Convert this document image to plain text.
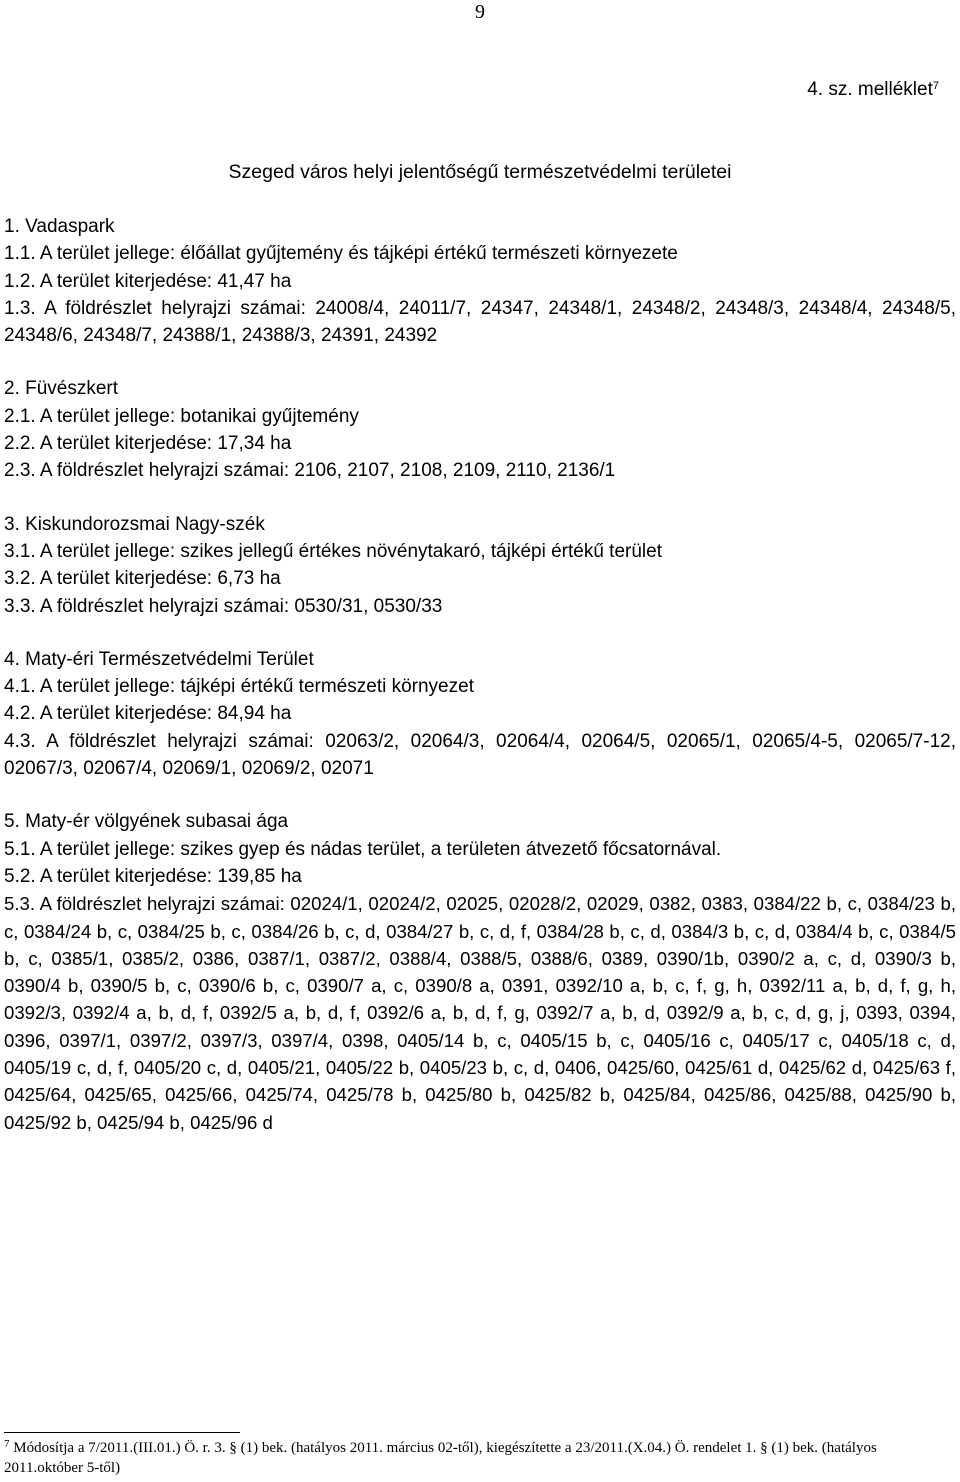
9
4. sz. melléklet$^7$
Szeged város helyi jelentőségű természetvédelmi területei
1. Vadaspark
1.1. A terület jellege: élőállat gyűjtemény és tájképi értékű természeti környezete
1.2. A terület kiterjedése: 41,47 ha
1.3. A földrészlet helyrajzi számai: 24008/4, 24011/7, 24347, 24348/1, 24348/2, 24348/3, 24348/4, 24348/5, 24348/6, 24348/7, 24388/1, 24388/3, 24391, 24392
2. Füvészkert
2.1. A terület jellege: botanikai gyűjtemény
2.2. A terület kiterjedése: 17,34 ha
2.3. A földrészlet helyrajzi számai: 2106, 2107, 2108, 2109, 2110, 2136/1
3. Kiskundorozsmai Nagy-szék
3.1. A terület jellege: szikes jellegű értékes növénytakaró, tájképi értékű terület
3.2. A terület kiterjedése: 6,73 ha
3.3. A földrészlet helyrajzi számai: 0530/31, 0530/33
4. Maty-éri Természetvédelmi Terület
4.1. A terület jellege: tájképi értékű természeti környezet
4.2. A terület kiterjedése: 84,94 ha
4.3. A földrészlet helyrajzi számai: 02063/2, 02064/3, 02064/4, 02064/5, 02065/1, 02065/4-5, 02065/7-12, 02067/3, 02067/4, 02069/1, 02069/2, 02071
5. Maty-ér völgyének subasai ága
5.1. A terület jellege: szikes gyep és nádas terület, a területen átvezető főcsatornával.
5.2. A terület kiterjedése: 139,85 ha
5.3. A földrészlet helyrajzi számai: 02024/1, 02024/2, 02025, 02028/2, 02029, 0382, 0383, 0384/22 b, c, 0384/23 b, c, 0384/24 b, c, 0384/25 b, c, 0384/26 b, c, d, 0384/27 b, c, d, f, 0384/28 b, c, d, 0384/3 b, c, d, 0384/4 b, c, 0384/5 b, c, 0385/1, 0385/2, 0386, 0387/1, 0387/2, 0388/4, 0388/5, 0388/6, 0389, 0390/1b, 0390/2 a, c, d, 0390/3 b, 0390/4 b, 0390/5 b, c, 0390/6 b, c, 0390/7 a, c, 0390/8 a, 0391, 0392/10 a, b, c, f, g, h, 0392/11 a, b, d, f, g, h, 0392/3, 0392/4 a, b, d, f, 0392/5 a, b, d, f, 0392/6 a, b, d, f, g, 0392/7 a, b, d, 0392/9 a, b, c, d, g, j, 0393, 0394, 0396, 0397/1, 0397/2, 0397/3, 0397/4, 0398, 0405/14 b, c, 0405/15 b, c, 0405/16 c, 0405/17 c, 0405/18 c, d, 0405/19 c, d, f, 0405/20 c, d, 0405/21, 0405/22 b, 0405/23 b, c, d, 0406, 0425/60, 0425/61 d, 0425/62 d, 0425/63 f, 0425/64, 0425/65, 0425/66, 0425/74, 0425/78 b, 0425/80 b, 0425/82 b, 0425/84, 0425/86, 0425/88, 0425/90 b, 0425/92 b, 0425/94 b, 0425/96 d
$^7$ Módosítja a 7/2011.(III.01.) Ö. r. 3. § (1) bek. (hatályos 2011. március 02-től), kiegészítette a 23/2011.(X.04.) Ö. rendelet 1. § (1) bek. (hatályos 2011.október 5-től)
